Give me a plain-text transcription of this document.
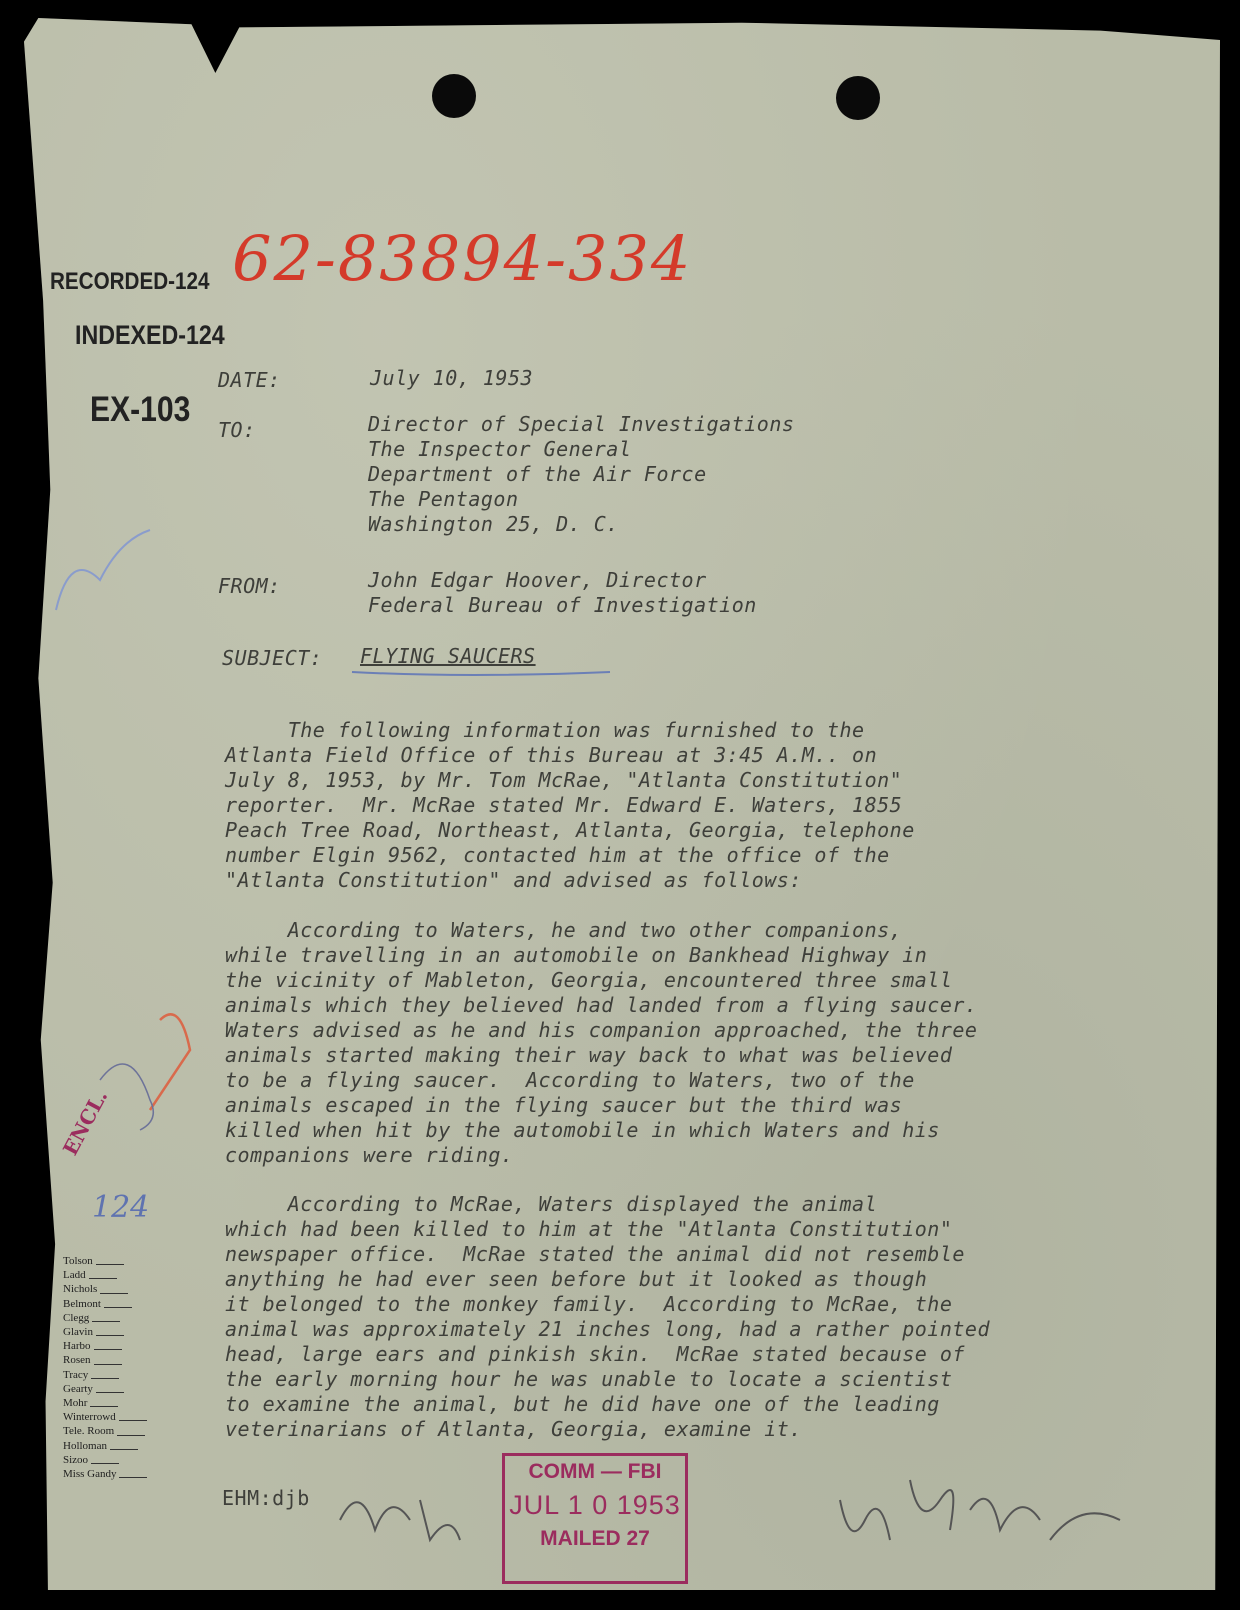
RECORDED-124
INDEXED-124
EX-103
62-83894-334
DATE:	July 10, 1953
TO:	Director of Special Investigations
The Inspector General
Department of the Air Force
The Pentagon
Washington 25, D. C.
FROM:	John Edgar Hoover, Director
Federal Bureau of Investigation
SUBJECT: FLYING SAUCERS
The following information was furnished to the
Atlanta Field Office of this Bureau at 3:45 A.M.. on
July 8, 1953, by Mr. Tom McRae, "Atlanta Constitution"
reporter.  Mr. McRae stated Mr. Edward E. Waters, 1855
Peach Tree Road, Northeast, Atlanta, Georgia, telephone
number Elgin 9562, contacted him at the office of the
"Atlanta Constitution" and advised as follows:
According to Waters, he and two other companions,
while travelling in an automobile on Bankhead Highway in
the vicinity of Mableton, Georgia, encountered three small
animals which they believed had landed from a flying saucer.
Waters advised as he and his companion approached, the three
animals started making their way back to what was believed
to be a flying saucer.  According to Waters, two of the
animals escaped in the flying saucer but the third was
killed when hit by the automobile in which Waters and his
companions were riding.
According to McRae, Waters displayed the animal
which had been killed to him at the "Atlanta Constitution"
newspaper office.  McRae stated the animal did not resemble
anything he had ever seen before but it looked as though
it belonged to the monkey family.  According to McRae, the
animal was approximately 21 inches long, had a rather pointed
head, large ears and pinkish skin.  McRae stated because of
the early morning hour he was unable to locate a scientist
to examine the animal, but he did have one of the leading
veterinarians of Atlanta, Georgia, examine it.
ENCL.
124
Tolson
Ladd
Nichols
Belmont
Clegg
Glavin
Harbo
Rosen
Tracy
Gearty
Mohr
Winterrowd
Tele. Room
Holloman
Sizoo
Miss Gandy
EHM:djb
COMM — FBI
JUL 1 0 1953
MAILED 27
